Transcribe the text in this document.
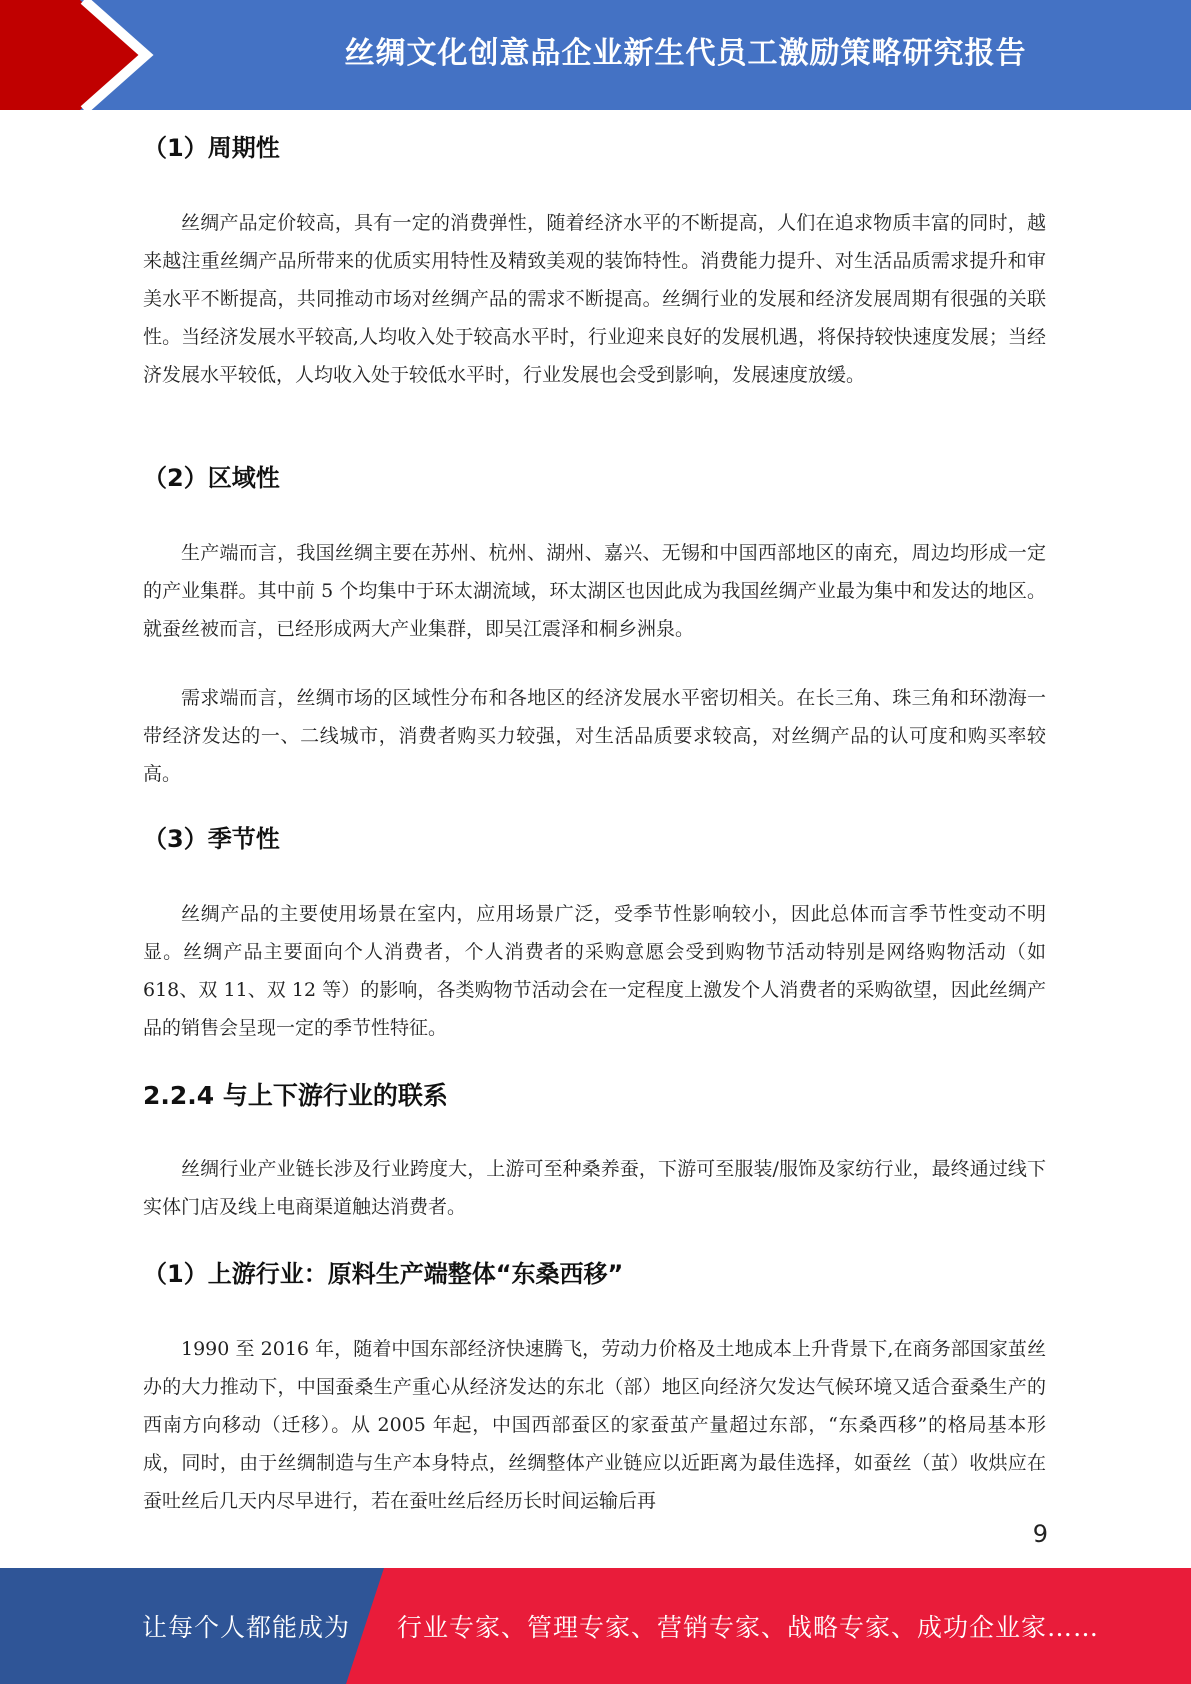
丝绸文化创意品企业新生代员工激励策略研究报告
（1）周期性

丝绸产品定价较高，具有一定的消费弹性，随着经济水平的不断提高，人们在追求物质丰富的同时，越来越注重丝绸产品所带来的优质实用特性及精致美观的装饰特性。消费能力提升、对生活品质需求提升和审美水平不断提高，共同推动市场对丝绸产品的需求不断提高。丝绸行业的发展和经济发展周期有很强的关联性。当经济发展水平较高,人均收入处于较高水平时，行业迎来良好的发展机遇，将保持较快速度发展；当经济发展水平较低，人均收入处于较低水平时，行业发展也会受到影响，发展速度放缓。

（2）区域性

生产端而言，我国丝绸主要在苏州、杭州、湖州、嘉兴、无锡和中国西部地区的南充，周边均形成一定的产业集群。其中前 5 个均集中于环太湖流域，环太湖区也因此成为我国丝绸产业最为集中和发达的地区。就蚕丝被而言，已经形成两大产业集群，即吴江震泽和桐乡洲泉。

需求端而言，丝绸市场的区域性分布和各地区的经济发展水平密切相关。在长三角、珠三角和环渤海一带经济发达的一、二线城市，消费者购买力较强，对生活品质要求较高，对丝绸产品的认可度和购买率较高。

（3）季节性

丝绸产品的主要使用场景在室内，应用场景广泛，受季节性影响较小，因此总体而言季节性变动不明显。丝绸产品主要面向个人消费者，个人消费者的采购意愿会受到购物节活动特别是网络购物活动（如 618、双 11、双 12 等）的影响，各类购物节活动会在一定程度上激发个人消费者的采购欲望，因此丝绸产品的销售会呈现一定的季节性特征。

2.2.4 与上下游行业的联系

丝绸行业产业链长涉及行业跨度大，上游可至种桑养蚕，下游可至服装/服饰及家纺行业，最终通过线下实体门店及线上电商渠道触达消费者。

（1）上游行业：原料生产端整体“东桑西移”

1990 至 2016 年，随着中国东部经济快速腾飞，劳动力价格及土地成本上升背景下,在商务部国家茧丝办的大力推动下，中国蚕桑生产重心从经济发达的东北（部）地区向经济欠发达气候环境又适合蚕桑生产的西南方向移动（迁移）。从 2005 年起，中国西部蚕区的家蚕茧产量超过东部，“东桑西移”的格局基本形成，同时，由于丝绸制造与生产本身特点，丝绸整体产业链应以近距离为最佳选择，如蚕丝（茧）收烘应在蚕吐丝后几天内尽早进行，若在蚕吐丝后经历长时间运输后再

9
让每个人都能成为 行业专家、管理专家、营销专家、战略专家、成功企业家……
